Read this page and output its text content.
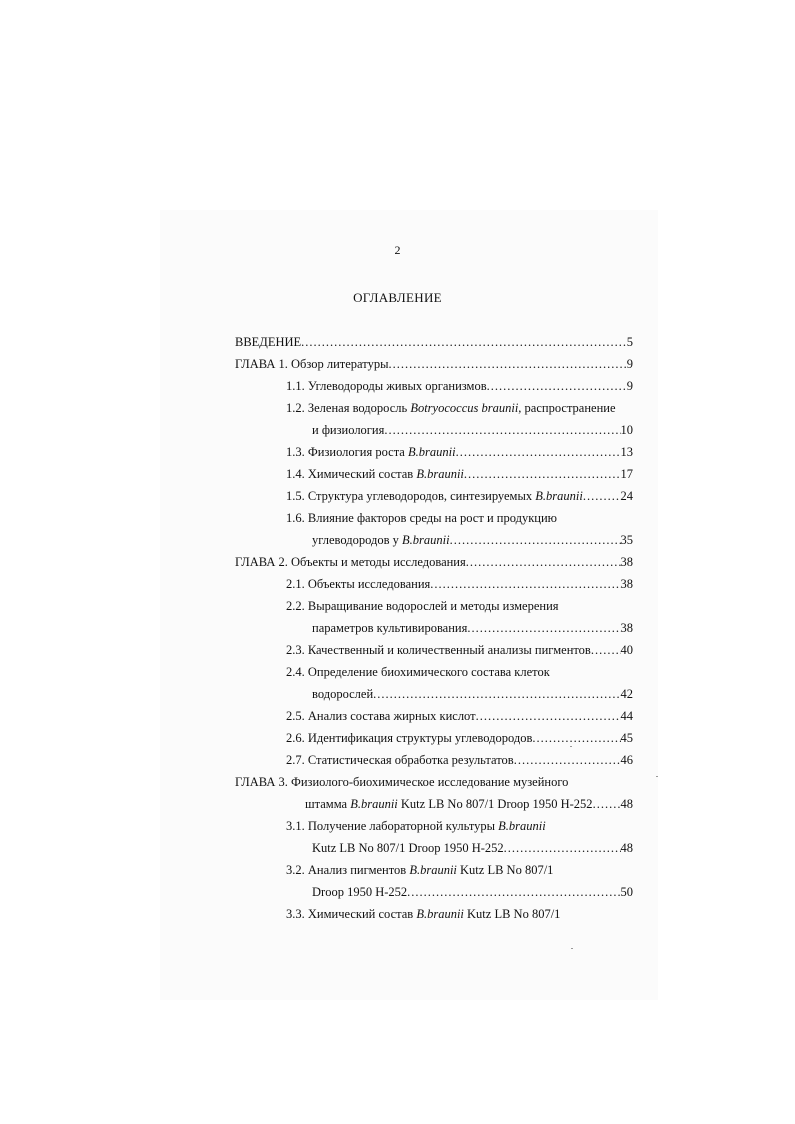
2
ОГЛАВЛЕНИЕ
ВВЕДЕНИЕ .....	5
ГЛАВА 1. Обзор литературы .....	9
1.1. Углеводороды живых организмов .....	9
1.2. Зеленая водоросль Botryococcus braunii, распространение
и физиология .....	10
1.3. Физиология роста B.braunii .....	13
1.4. Химический состав B.braunii .....	17
1.5. Структура углеводородов, синтезируемых B.braunii .....	24
1.6. Влияние факторов среды на рост и продукцию
углеводородов у B.braunii .....	35
ГЛАВА 2. Объекты и методы исследования .....	38
2.1. Объекты исследования .....	38
2.2. Выращивание водорослей и методы измерения
параметров культивирования .....	38
2.3. Качественный и количественный анализы пигментов ..... 40
2.4. Определение биохимического состава клеток
водорослей .....	42
2.5. Анализ состава жирных кислот .....	44
2.6. Идентификация структуры углеводородов .....	45
2.7. Статистическая обработка результатов .....	46
ГЛАВА 3. Физиолого-биохимическое исследование музейного
штамма B.braunii Kutz LB No 807/1 Droop 1950 H-252 ..... 48
3.1. Получение лабораторной культуры B.braunii
Kutz LB No 807/1 Droop 1950 H-252 .....	48
3.2. Анализ пигментов B.braunii Kutz LB No 807/1
Droop 1950 H-252 .....	50
3.3. Химический состав B.braunii Kutz LB No 807/1
